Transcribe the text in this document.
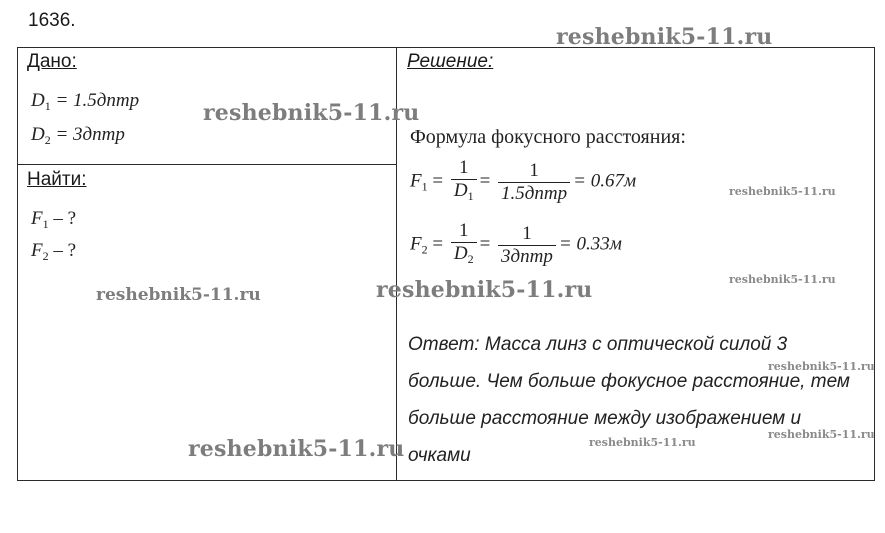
1636.
Дано:
$D_1$ = 1.5дптр
$D_2$ = 3дптр
Найти:
$F_1$ – ?
$F_2$ – ?
Решение:
Формула фокусного расстояния:
$F_1 = \frac{1}{D_1} = \frac{1}{\text{1.5дптр}} = 0.67м$
$F_2 = \frac{1}{D_2} = \frac{1}{\text{3дптр}} = 0.33м$
Ответ: Масса линз с оптической силой 3 больше. Чем больше фокусное расстояние, тем больше расстояние между изображением и очками
reshebnik5-11.ru
reshebnik5-11.ru
reshebnik5-11.ru
reshebnik5-11.ru
reshebnik5-11.ru	reshebnik5-11.ru
reshebnik5-11.ru
reshebnik5-11.ru
reshebnik5-11.ru
reshebnik5-11.ru
